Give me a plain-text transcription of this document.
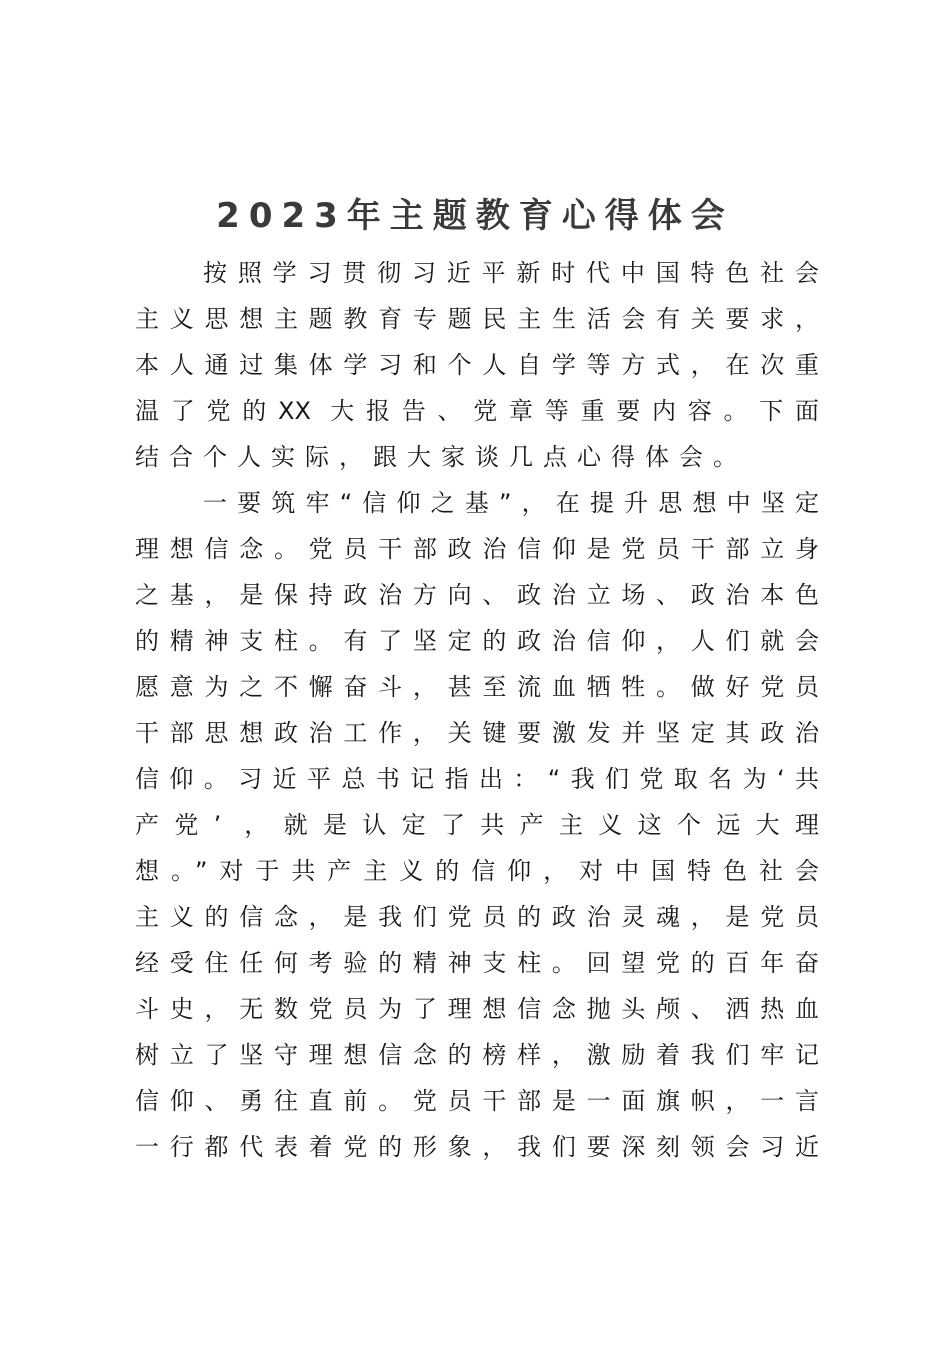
2023年主题教育心得体会
按照学习贯彻习近平新时代中国特色社会
主义思想主题教育专题民主生活会有关要求，
本人通过集体学习和个人自学等方式，在次重
温了党的XX 大报告、党章等重要内容。下面
结合个人实际，跟大家谈几点心得体会。
一要筑牢“信仰之基”，在提升思想中坚定
理想信念。党员干部政治信仰是党员干部立身
之基，是保持政治方向、政治立场、政治本色
的精神支柱。有了坚定的政治信仰，人们就会
愿意为之不懈奋斗，甚至流血牺牲。做好党员
干部思想政治工作，关键要激发并坚定其政治
信仰。习近平总书记指出：“我们党取名为‘共
产党’ ，就是认定了共产主义这个远大理
想。”对于共产主义的信仰，对中国特色社会
主义的信念，是我们党员的政治灵魂，是党员
经受住任何考验的精神支柱。回望党的百年奋
斗史，无数党员为了理想信念抛头颅、洒热血
树立了坚守理想信念的榜样，激励着我们牢记
信仰、勇往直前。党员干部是一面旗帜，一言
一行都代表着党的形象，我们要深刻领会习近
